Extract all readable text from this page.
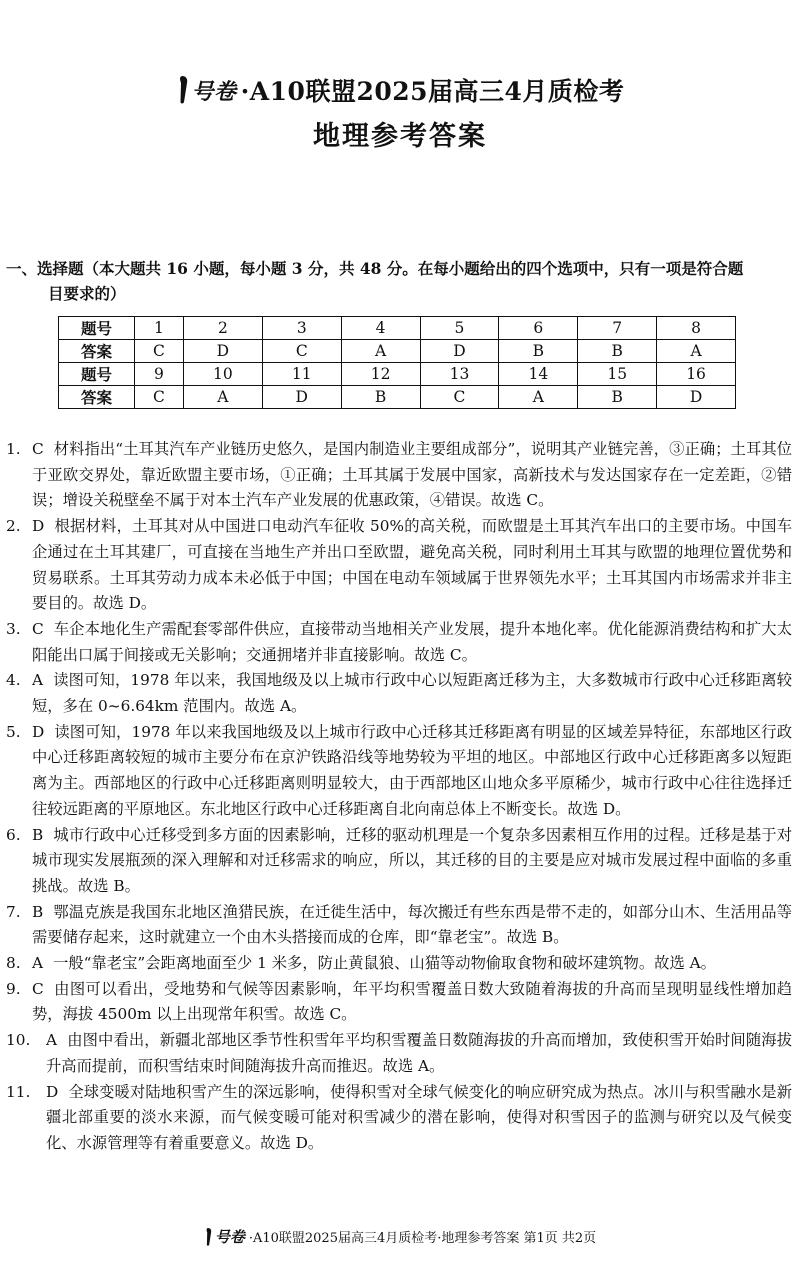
号卷 ·A10联盟2025届高三4月质检考
地理参考答案
一、选择题（本大题共 16 小题，每小题 3 分，共 48 分。在每小题给出的四个选项中，只有一项是符合题
目要求的）
题号	1	2	3	4	5	6	7	8
答案	C	D	C	A	D	B	B	A
题号	9	10	11	12	13	14	15	16
答案	C	A	D	B	C	A	B	D
1. C 材料指出“土耳其汽车产业链历史悠久，是国内制造业主要组成部分”，说明其产业链完善，③正确；土耳其位于亚欧交界处，靠近欧盟主要市场，①正确；土耳其属于发展中国家，高新技术与发达国家存在一定差距，②错误；增设关税壁垒不属于对本土汽车产业发展的优惠政策，④错误。故选 C。
2. D 根据材料，土耳其对从中国进口电动汽车征收 50%的高关税，而欧盟是土耳其汽车出口的主要市场。中国车企通过在土耳其建厂，可直接在当地生产并出口至欧盟，避免高关税，同时利用土耳其与欧盟的地理位置优势和贸易联系。土耳其劳动力成本未必低于中国；中国在电动车领域属于世界领先水平；土耳其国内市场需求并非主要目的。故选 D。
3. C 车企本地化生产需配套零部件供应，直接带动当地相关产业发展，提升本地化率。优化能源消费结构和扩大太阳能出口属于间接或无关影响；交通拥堵并非直接影响。故选 C。
4. A 读图可知，1978 年以来，我国地级及以上城市行政中心以短距离迁移为主，大多数城市行政中心迁移距离较短，多在 0~6.64km 范围内。故选 A。
5. D 读图可知，1978 年以来我国地级及以上城市行政中心迁移其迁移距离有明显的区域差异特征，东部地区行政中心迁移距离较短的城市主要分布在京沪铁路沿线等地势较为平坦的地区。中部地区行政中心迁移距离多以短距离为主。西部地区的行政中心迁移距离则明显较大，由于西部地区山地众多平原稀少，城市行政中心往往选择迁往较远距离的平原地区。东北地区行政中心迁移距离自北向南总体上不断变长。故选 D。
6. B 城市行政中心迁移受到多方面的因素影响，迁移的驱动机理是一个复杂多因素相互作用的过程。迁移是基于对城市现实发展瓶颈的深入理解和对迁移需求的响应，所以，其迁移的目的主要是应对城市发展过程中面临的多重挑战。故选 B。
7. B 鄂温克族是我国东北地区渔猎民族，在迁徙生活中，每次搬迁有些东西是带不走的，如部分山木、生活用品等需要储存起来，这时就建立一个由木头搭接而成的仓库，即“靠老宝”。故选 B。
8. A 一般“靠老宝”会距离地面至少 1 米多，防止黄鼠狼、山猫等动物偷取食物和破坏建筑物。故选 A。
9. C 由图可以看出，受地势和气候等因素影响，年平均积雪覆盖日数大致随着海拔的升高而呈现明显线性增加趋势，海拔 4500m 以上出现常年积雪。故选 C。
10.	A 由图中看出，新疆北部地区季节性积雪年平均积雪覆盖日数随海拔的升高而增加，致使积雪开始时间随海拔升高而提前，而积雪结束时间随海拔升高而推迟。故选 A。
11.	D 全球变暖对陆地积雪产生的深远影响，使得积雪对全球气候变化的响应研究成为热点。冰川与积雪融水是新疆北部重要的淡水来源，而气候变暖可能对积雪减少的潜在影响，使得对积雪因子的监测与研究以及气候变化、水源管理等有着重要意义。故选 D。
号卷 ·A10联盟2025届高三4月质检考·地理参考答案 第1页 共2页
